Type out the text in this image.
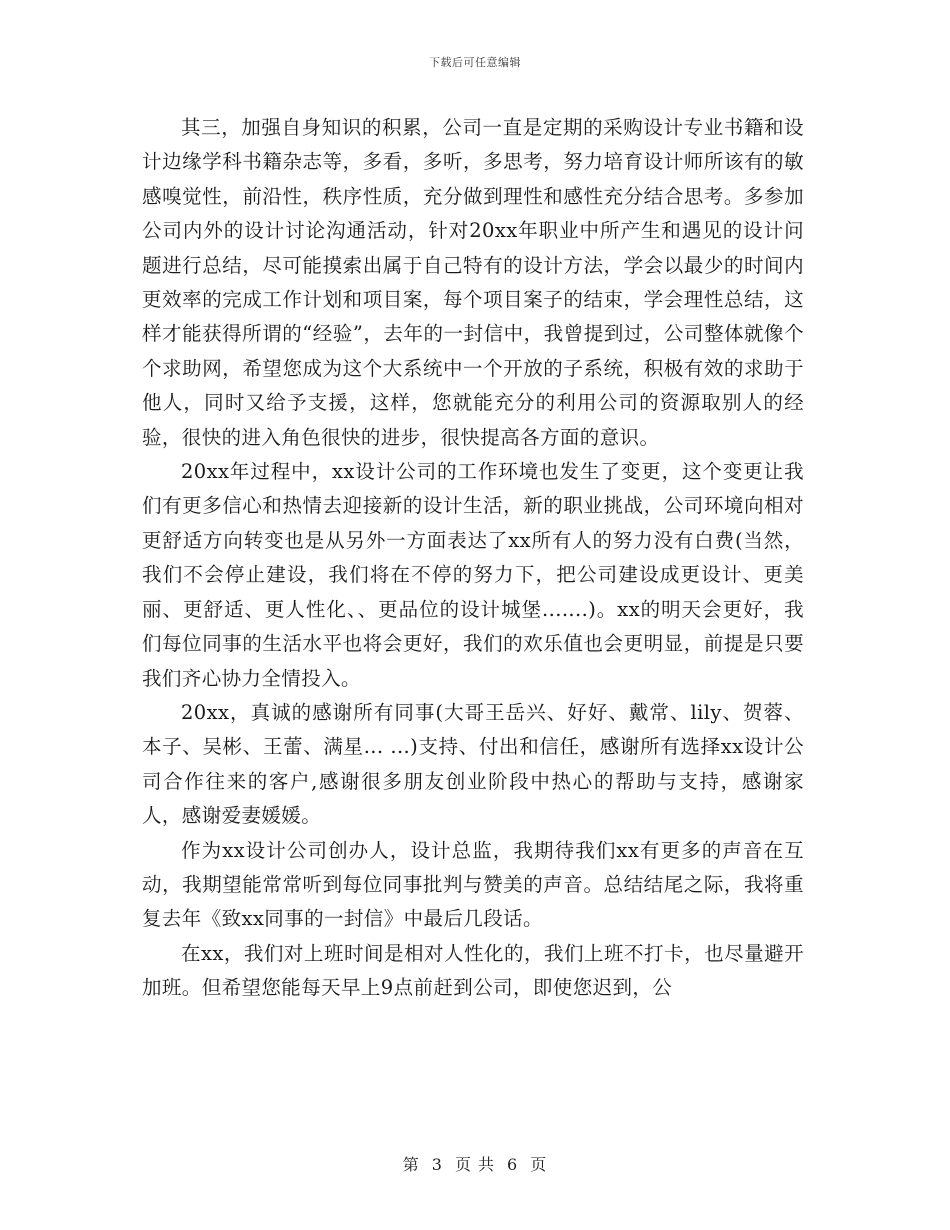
下载后可任意编辑

其三，加强自身知识的积累，公司一直是定期的采购设计专业书籍和设计边缘学科书籍杂志等，多看，多听，多思考，努力培育设计师所该有的敏感嗅觉性，前沿性，秩序性质，充分做到理性和感性充分结合思考。多参加公司内外的设计讨论沟通活动，针对20xx年职业中所产生和遇见的设计问题进行总结，尽可能摸索出属于自己特有的设计方法，学会以最少的时间内更效率的完成工作计划和项目案，每个项目案子的结束，学会理性总结，这样才能获得所谓的“经验”，去年的一封信中，我曾提到过，公司整体就像个个求助网，希望您成为这个大系统中一个开放的子系统，积极有效的求助于他人，同时又给予支援，这样，您就能充分的利用公司的资源取别人的经验，很快的进入角色很快的进步，很快提高各方面的意识。

20xx年过程中，xx设计公司的工作环境也发生了变更，这个变更让我们有更多信心和热情去迎接新的设计生活，新的职业挑战，公司环境向相对更舒适方向转变也是从另外一方面表达了xx所有人的努力没有白费(当然，我们不会停止建设，我们将在不停的努力下，把公司建设成更设计、更美丽、更舒适、更人性化、、更品位的设计城堡.......)。xx的明天会更好，我们每位同事的生活水平也将会更好，我们的欢乐值也会更明显，前提是只要我们齐心协力全情投入。

20xx，真诚的感谢所有同事(大哥王岳兴、好好、戴常、lily、贺蓉、本子、吴彬、王蕾、满星... ...)支持、付出和信任，感谢所有选择xx设计公司合作往来的客户,感谢很多朋友创业阶段中热心的帮助与支持，感谢家人，感谢爱妻媛媛。

作为xx设计公司创办人，设计总监，我期待我们xx有更多的声音在互动，我期望能常常听到每位同事批判与赞美的声音。总结结尾之际，我将重复去年《致xx同事的一封信》中最后几段话。

在xx，我们对上班时间是相对人性化的，我们上班不打卡，也尽量避开加班。但希望您能每天早上9点前赶到公司，即使您迟到，公

第 3 页 共 6 页
